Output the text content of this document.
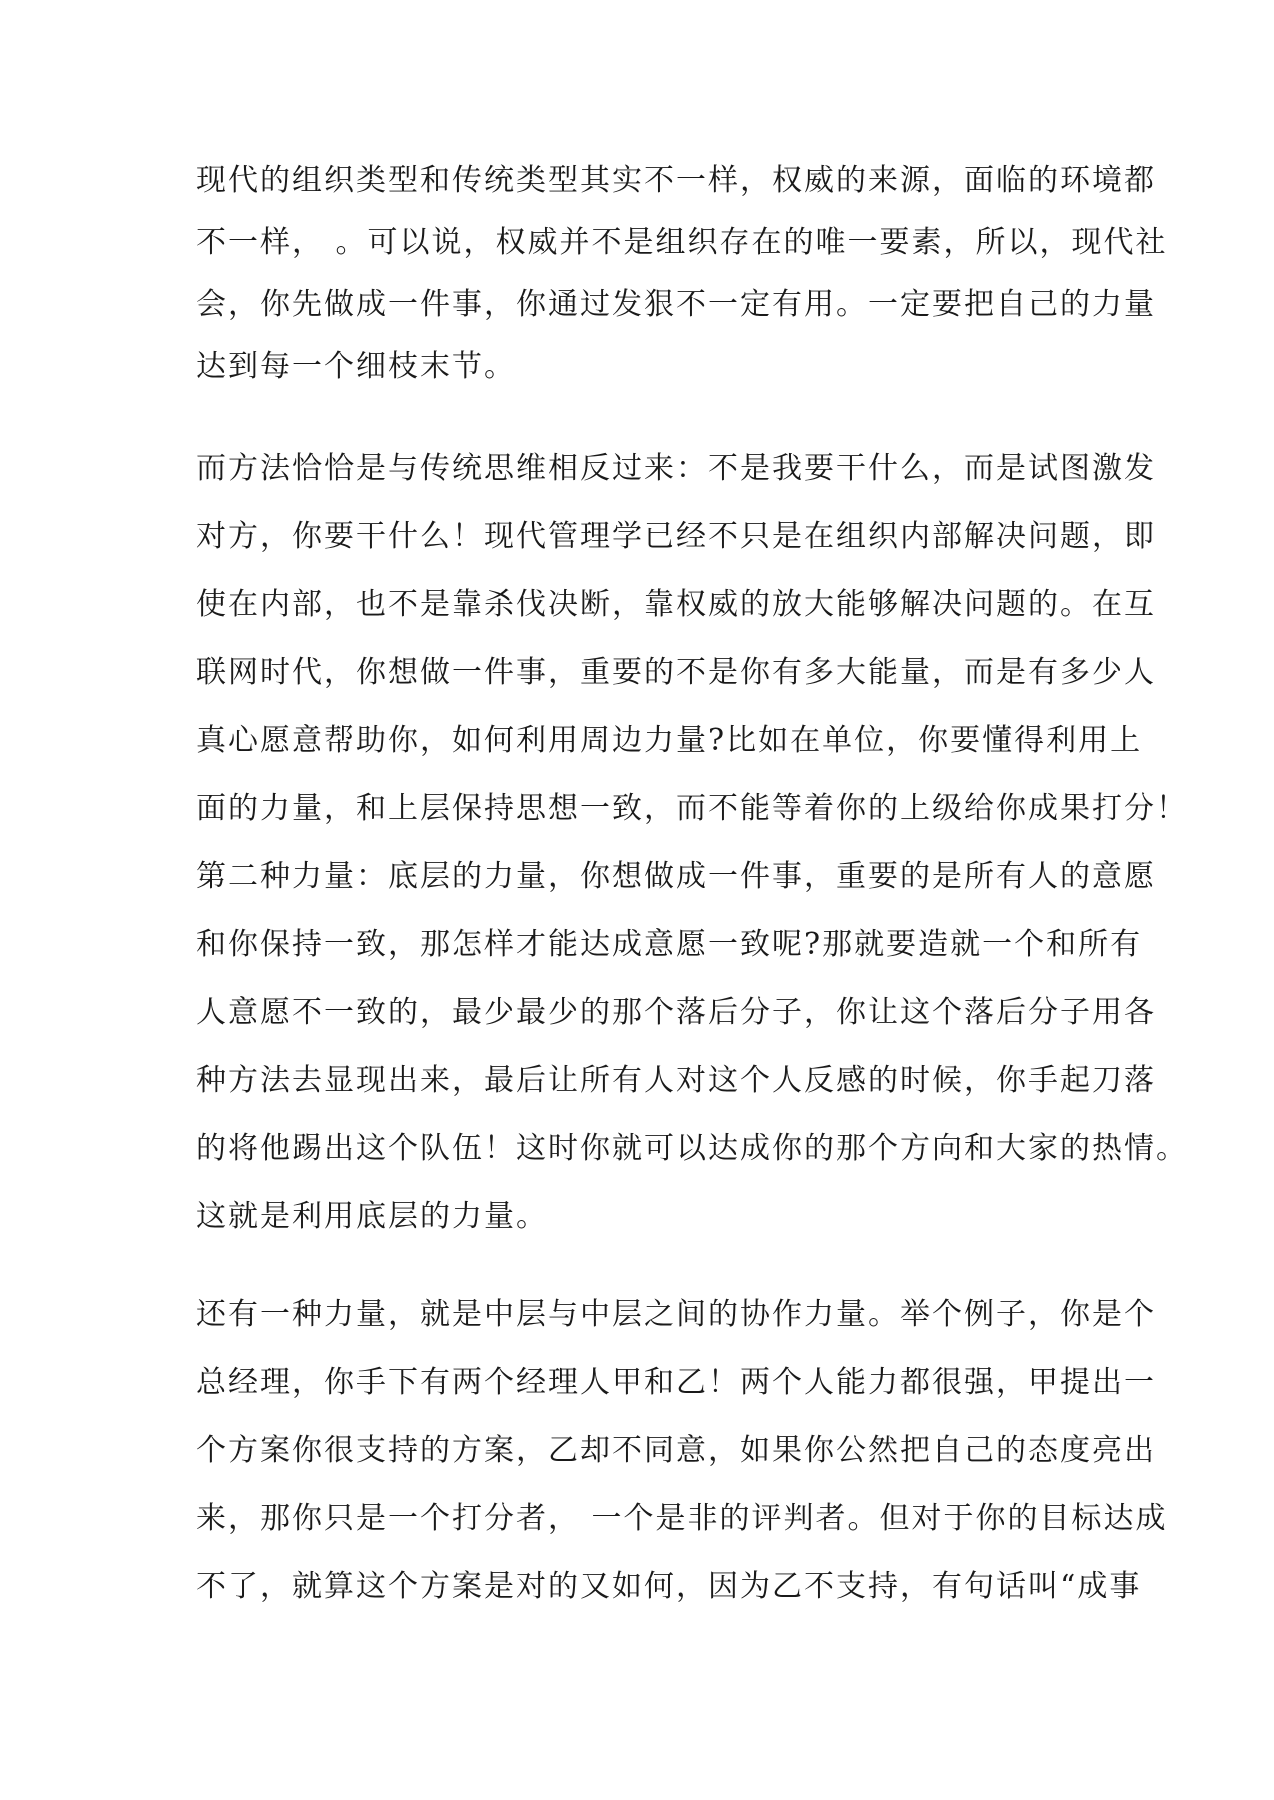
现代的组织类型和传统类型其实不一样，权威的来源，面临的环境都
不一样， 。可以说，权威并不是组织存在的唯一要素，所以，现代社
会，你先做成一件事，你通过发狠不一定有用。一定要把自己的力量
达到每一个细枝末节。
而方法恰恰是与传统思维相反过来：不是我要干什么，而是试图激发
对方，你要干什么！现代管理学已经不只是在组织内部解决问题，即
使在内部，也不是靠杀伐决断，靠权威的放大能够解决问题的。在互
联网时代，你想做一件事，重要的不是你有多大能量，而是有多少人
真心愿意帮助你，如何利用周边力量?比如在单位，你要懂得利用上
面的力量，和上层保持思想一致，而不能等着你的上级给你成果打分！
第二种力量：底层的力量，你想做成一件事，重要的是所有人的意愿
和你保持一致，那怎样才能达成意愿一致呢?那就要造就一个和所有
人意愿不一致的，最少最少的那个落后分子，你让这个落后分子用各
种方法去显现出来，最后让所有人对这个人反感的时候，你手起刀落
的将他踢出这个队伍！这时你就可以达成你的那个方向和大家的热情。
这就是利用底层的力量。
还有一种力量，就是中层与中层之间的协作力量。举个例子，你是个
总经理，你手下有两个经理人甲和乙！两个人能力都很强，甲提出一
个方案你很支持的方案，乙却不同意，如果你公然把自己的态度亮出
来，那你只是一个打分者， 一个是非的评判者。但对于你的目标达成
不了，就算这个方案是对的又如何，因为乙不支持，有句话叫“成事
